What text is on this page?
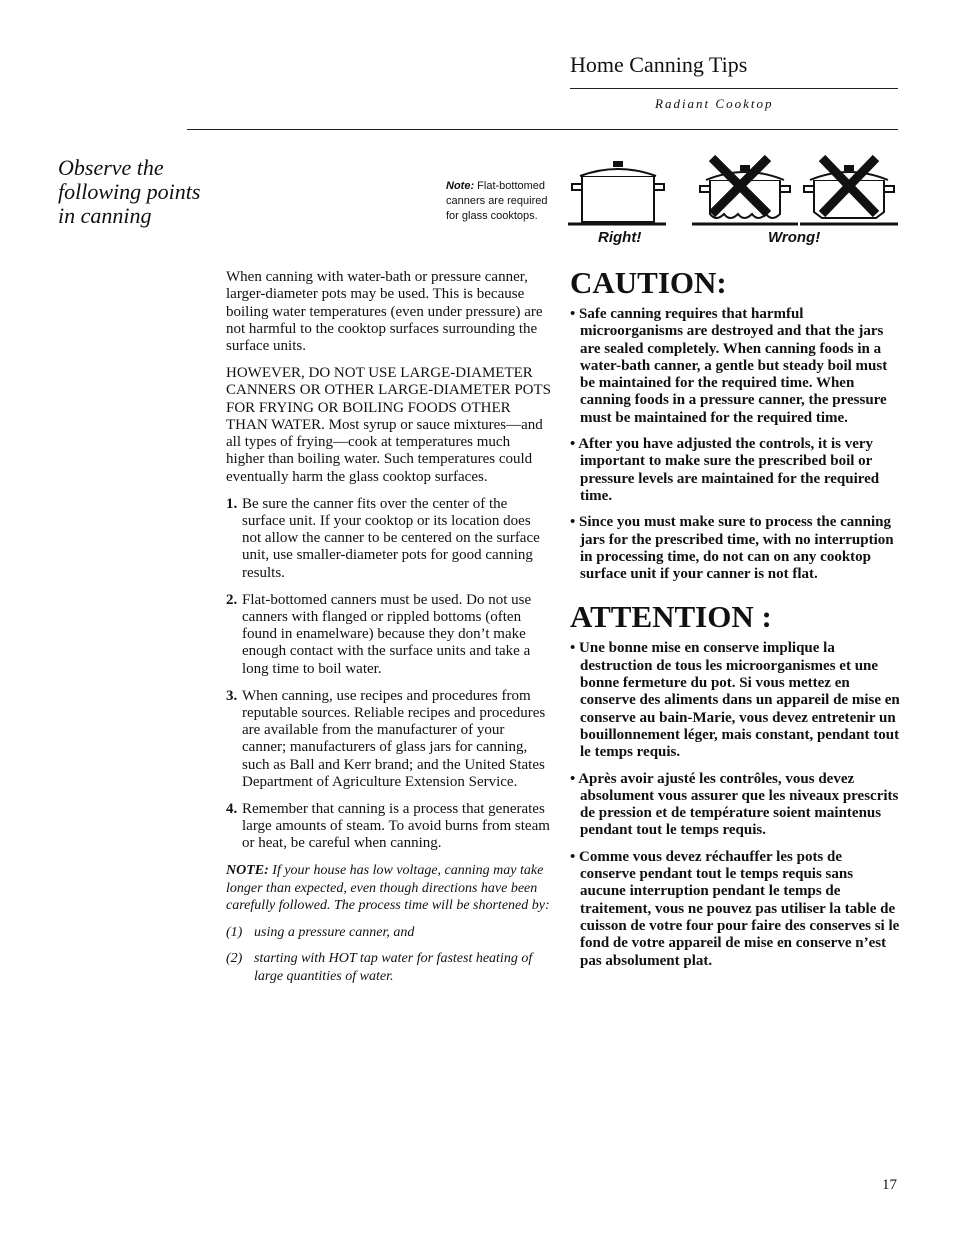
Home Canning Tips
Radiant Cooktop
Observe the following points in canning
Note: Flat-bottomed canners are required for glass cooktops.
Right!	Wrong!

When canning with water-bath or pressure canner, larger-diameter pots may be used. This is because boiling water temperatures (even under pressure) are not harmful to the cooktop surfaces surrounding the surface units.

HOWEVER, DO NOT USE LARGE-DIAMETER CANNERS OR OTHER LARGE-DIAMETER POTS FOR FRYING OR BOILING FOODS OTHER THAN WATER. Most syrup or sauce mixtures—and all types of frying—cook at temperatures much higher than boiling water. Such temperatures could eventually harm the glass cooktop surfaces.

1. Be sure the canner fits over the center of the surface unit. If your cooktop or its location does not allow the canner to be centered on the surface unit, use smaller-diameter pots for good canning results.

2. Flat-bottomed canners must be used. Do not use canners with flanged or rippled bottoms (often found in enamelware) because they don’t make enough contact with the surface units and take a long time to boil water.

3. When canning, use recipes and procedures from reputable sources. Reliable recipes and procedures are available from the manufacturer of your canner; manufacturers of glass jars for canning, such as Ball and Kerr brand; and the United States Department of Agriculture Extension Service.

4. Remember that canning is a process that generates large amounts of steam. To avoid burns from steam or heat, be careful when canning.

NOTE: If your house has low voltage, canning may take longer than expected, even though directions have been carefully followed. The process time will be shortened by:

(1) using a pressure canner, and

(2) starting with HOT tap water for fastest heating of large quantities of water.

CAUTION:
• Safe canning requires that harmful microorganisms are destroyed and that the jars are sealed completely. When canning foods in a water-bath canner, a gentle but steady boil must be maintained for the required time. When canning foods in a pressure canner, the pressure must be maintained for the required time.
• After you have adjusted the controls, it is very important to make sure the prescribed boil or pressure levels are maintained for the required time.
• Since you must make sure to process the canning jars for the prescribed time, with no interruption in processing time, do not can on any cooktop surface unit if your canner is not flat.
ATTENTION :
• Une bonne mise en conserve implique la destruction de tous les microorganismes et une bonne fermeture du pot. Si vous mettez en conserve des aliments dans un appareil de mise en conserve au bain-Marie, vous devez entretenir un bouillonnement léger, mais constant, pendant tout le temps requis.
• Après avoir ajusté les contrôles, vous devez absolument vous assurer que les niveaux prescrits de pression et de température soient maintenus pendant tout le temps requis.
• Comme vous devez réchauffer les pots de conserve pendant tout le temps requis sans aucune interruption pendant le temps de traitement, vous ne pouvez pas utiliser la table de cuisson de votre four pour faire des conserves si le fond de votre appareil de mise en conserve n’est pas absolument plat.
17
